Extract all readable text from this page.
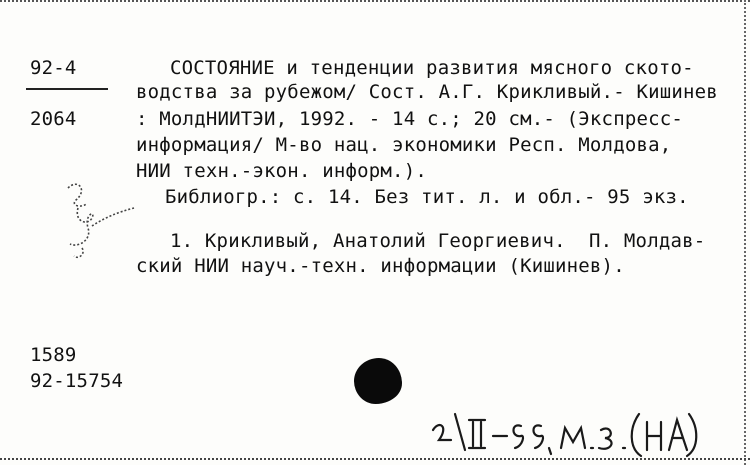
92-4
2064
СОСТОЯНИЕ и тенденции развития мясного ското-
водства за рубежом/ Сост. А.Г. Крикливый.- Кишинев
: МолдНИИТЭИ, 1992. - 14 с.; 20 см.- (Экспресс-
информация/ М-во нац. экономики Респ. Молдова,
НИИ техн.-экон. информ.).
Библиогр.: с. 14. Без тит. л. и обл.- 95 экз.
1. Крикливый, Анатолий Георгиевич.  П. Молдав-
ский НИИ науч.-техн. информации (Кишинев).
1589
92-15754
